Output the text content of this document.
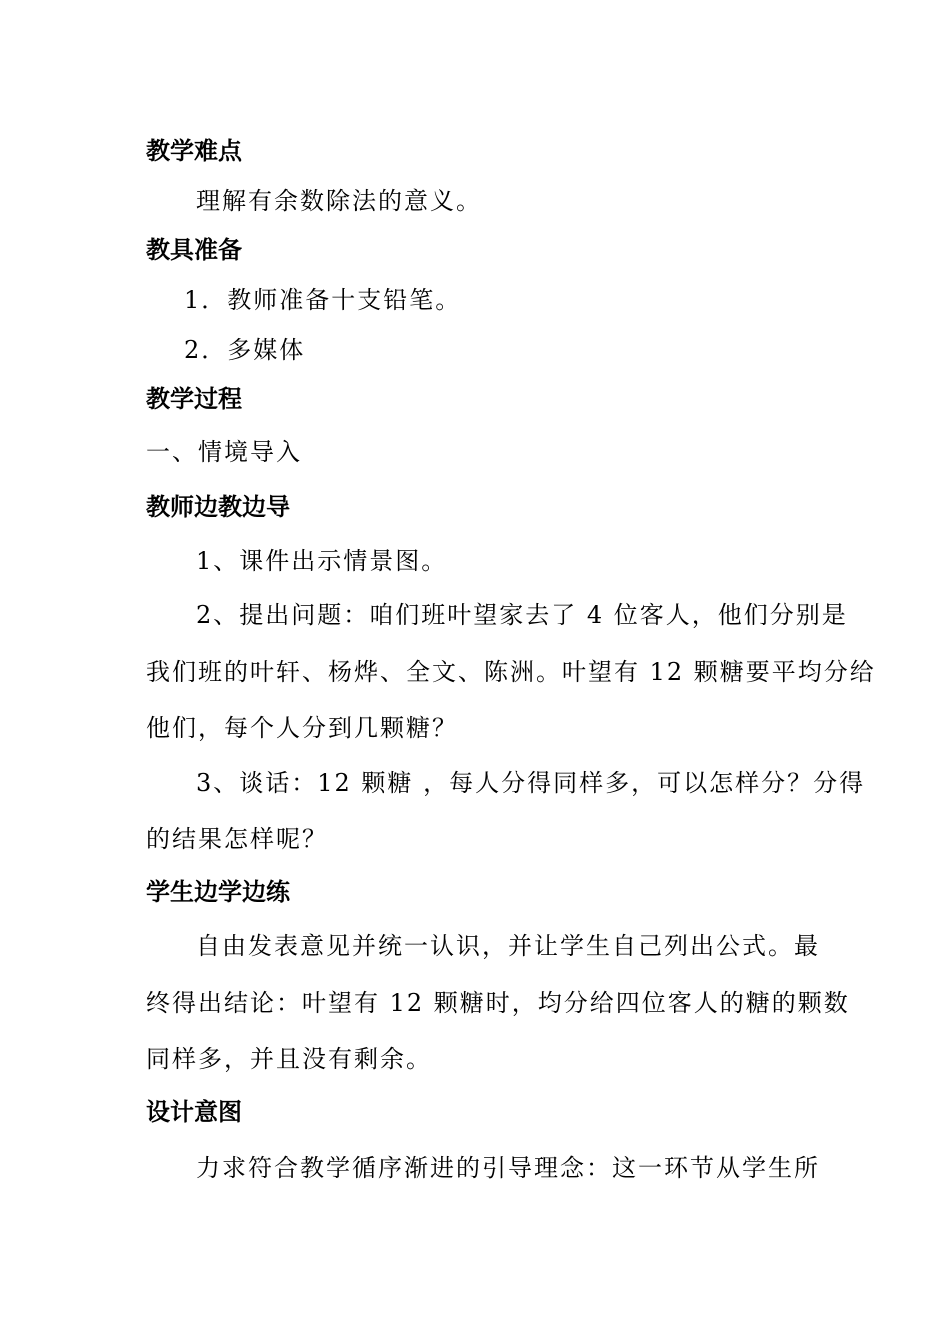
教学难点
理解有余数除法的意义。
教具准备
1．教师准备十支铅笔。
2．多媒体
教学过程
一、情境导入
教师边教边导
1、课件出示情景图。
2、提出问题：咱们班叶望家去了 4 位客人，他们分别是
我们班的叶轩、杨烨、全文、陈洲。叶望有 12 颗糖要平均分给
他们，每个人分到几颗糖？
3、谈话：12 颗糖 ，每人分得同样多，可以怎样分？分得
的结果怎样呢？
学生边学边练
自由发表意见并统一认识，并让学生自己列出公式。最
终得出结论：叶望有 12 颗糖时，均分给四位客人的糖的颗数
同样多，并且没有剩余。
设计意图
力求符合教学循序渐进的引导理念：这一环节从学生所
